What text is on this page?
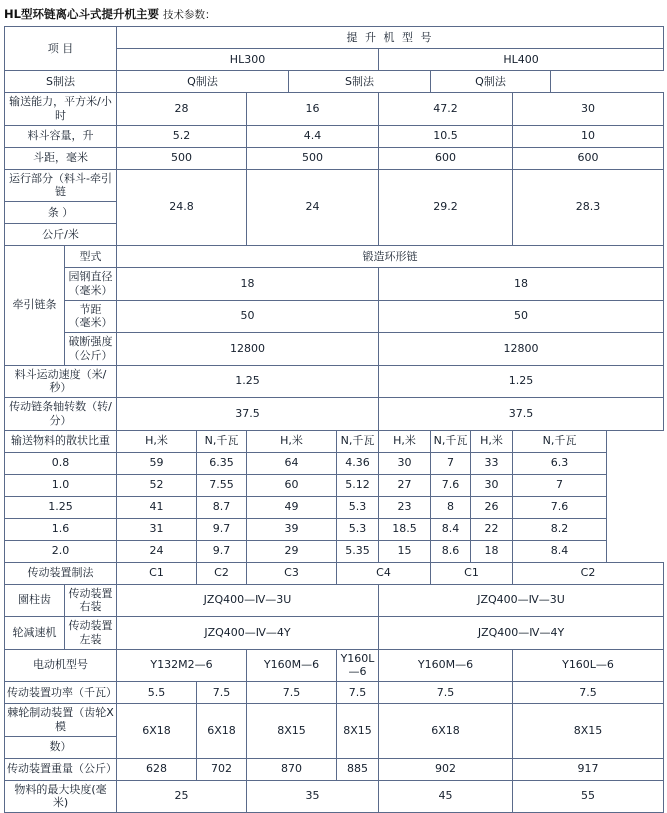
HL型环链离心斗式提升机主要 技术参数：
项 目		提 升 机 型 号								
		HL300					HL400			
S制法		Q制法			S制法			Q制法		
输送能力，平方米/小时		28		16			47.2			30
料斗容量，升		5.2		4.4			10.5			10
斗距，毫米		500		500			600			600
运行部分（料斗-牵引链		24.8		24			29.2			28.3
条 ）										
公斤/米										
牵引链条	型式	锻造环形链								
	园钢直径（毫米）	18					18			
	节距 （毫米）	50					50			
	破断强度（公斤）	12800					12800			
料斗运动速度（米/秒）		1.25					1.25			
传动链条轴转数（转/分）		37.5					37.5			
输送物料的散状比重		H,米	N,千瓦	H,米		N,千瓦	H,米	N,千瓦	H,米	N,千瓦
0.8		59	6.35	64		4.36	30	7	33	6.3
1.0		52	7.55	60		5.12	27	7.6	30	7
1.25		41	8.7	49		5.3	23	8	26	7.6
1.6		31	9.7	39		5.3	18.5	8.4	22	8.2
2.0		24	9.7	29		5.35	15	8.6	18	8.4
传动装置制法		C1	C2	C3		C4		C1		C2
園柱齿	传动装置右装	JZQ400—Ⅳ—3U					JZQ400—Ⅳ—3U			
轮减速机	传动装置左装	JZQ400—Ⅳ—4Y					JZQ400—Ⅳ—4Y			
电动机型号		Y132M2—6		Y160M—6		Y160L—6	Y160M—6			Y160L—6
传动装置功率（千瓦）		5.5	7.5	7.5		7.5	7.5			7.5
棘轮制动装置（齿轮X模		6X18	6X18	8X15		8X15	6X18			8X15
数）										
传动装置重量（公斤）		628	702	870		885	902			917
物料的最大块度(毫米)		25		35			45			55
